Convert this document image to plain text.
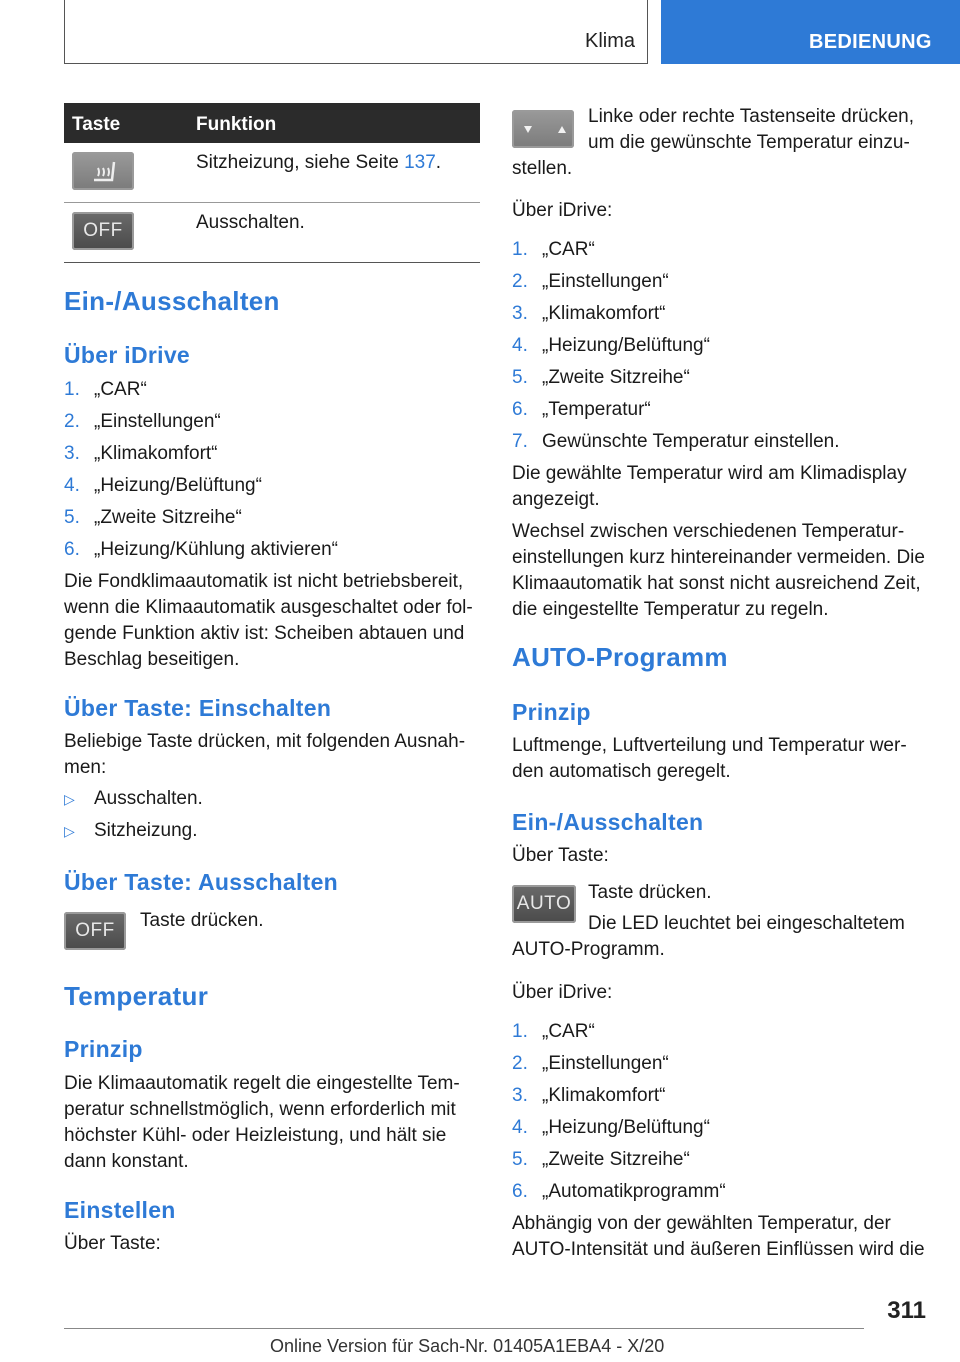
Klima	BEDIENUNG
Taste	Funktion

Sitzheizung, siehe Seite 137.

OFF	Ausschalten.

Ein-/Ausschalten
Über iDrive
1. „CAR“
2. „Einstellungen“
3. „Klimakomfort“
4. „Heizung/Belüftung“
5. „Zweite Sitzreihe“
6. „Heizung/Kühlung aktivieren“
Die Fondklimaautomatik ist nicht betriebsbereit,
wenn die Klimaautomatik ausgeschaltet oder fol-
gende Funktion aktiv ist: Scheiben abtauen und
Beschlag beseitigen.
Über Taste: Einschalten
Beliebige Taste drücken, mit folgenden Ausnah-
men:
▷ Ausschalten.
▷ Sitzheizung.
Über Taste: Ausschalten
OFF	Taste drücken.

Temperatur
Prinzip
Die Klimaautomatik regelt die eingestellte Tem-
peratur schnellstmöglich, wenn erforderlich mit
höchster Kühl- oder Heizleistung, und hält sie
dann konstant.
Einstellen

Über Taste:

Linke oder rechte Tastenseite drücken,
um die gewünschte Temperatur einzu-
stellen.

Über iDrive:

1. „CAR“
2. „Einstellungen“
3. „Klimakomfort“
4. „Heizung/Belüftung“
5. „Zweite Sitzreihe“
6. „Temperatur“
7. Gewünschte Temperatur einstellen.
Die gewählte Temperatur wird am Klimadisplay
angezeigt.
Wechsel zwischen verschiedenen Temperatur-
einstellungen kurz hintereinander vermeiden. Die
Klimaautomatik hat sonst nicht ausreichend Zeit,
die eingestellte Temperatur zu regeln.
AUTO-Programm
Prinzip
Luftmenge, Luftverteilung und Temperatur wer-
den automatisch geregelt.
Ein-/Ausschalten

Über Taste:

AUTO

Taste drücken.

Die LED leuchtet bei eingeschaltetem
AUTO-Programm.

Über iDrive:

1. „CAR“
2. „Einstellungen“
3. „Klimakomfort“
4. „Heizung/Belüftung“
5. „Zweite Sitzreihe“
6. „Automatikprogramm“
Abhängig von der gewählten Temperatur, der
AUTO-Intensität und äußeren Einflüssen wird die
311
Online Version für Sach-Nr. 01405A1EBA4 - X/20
